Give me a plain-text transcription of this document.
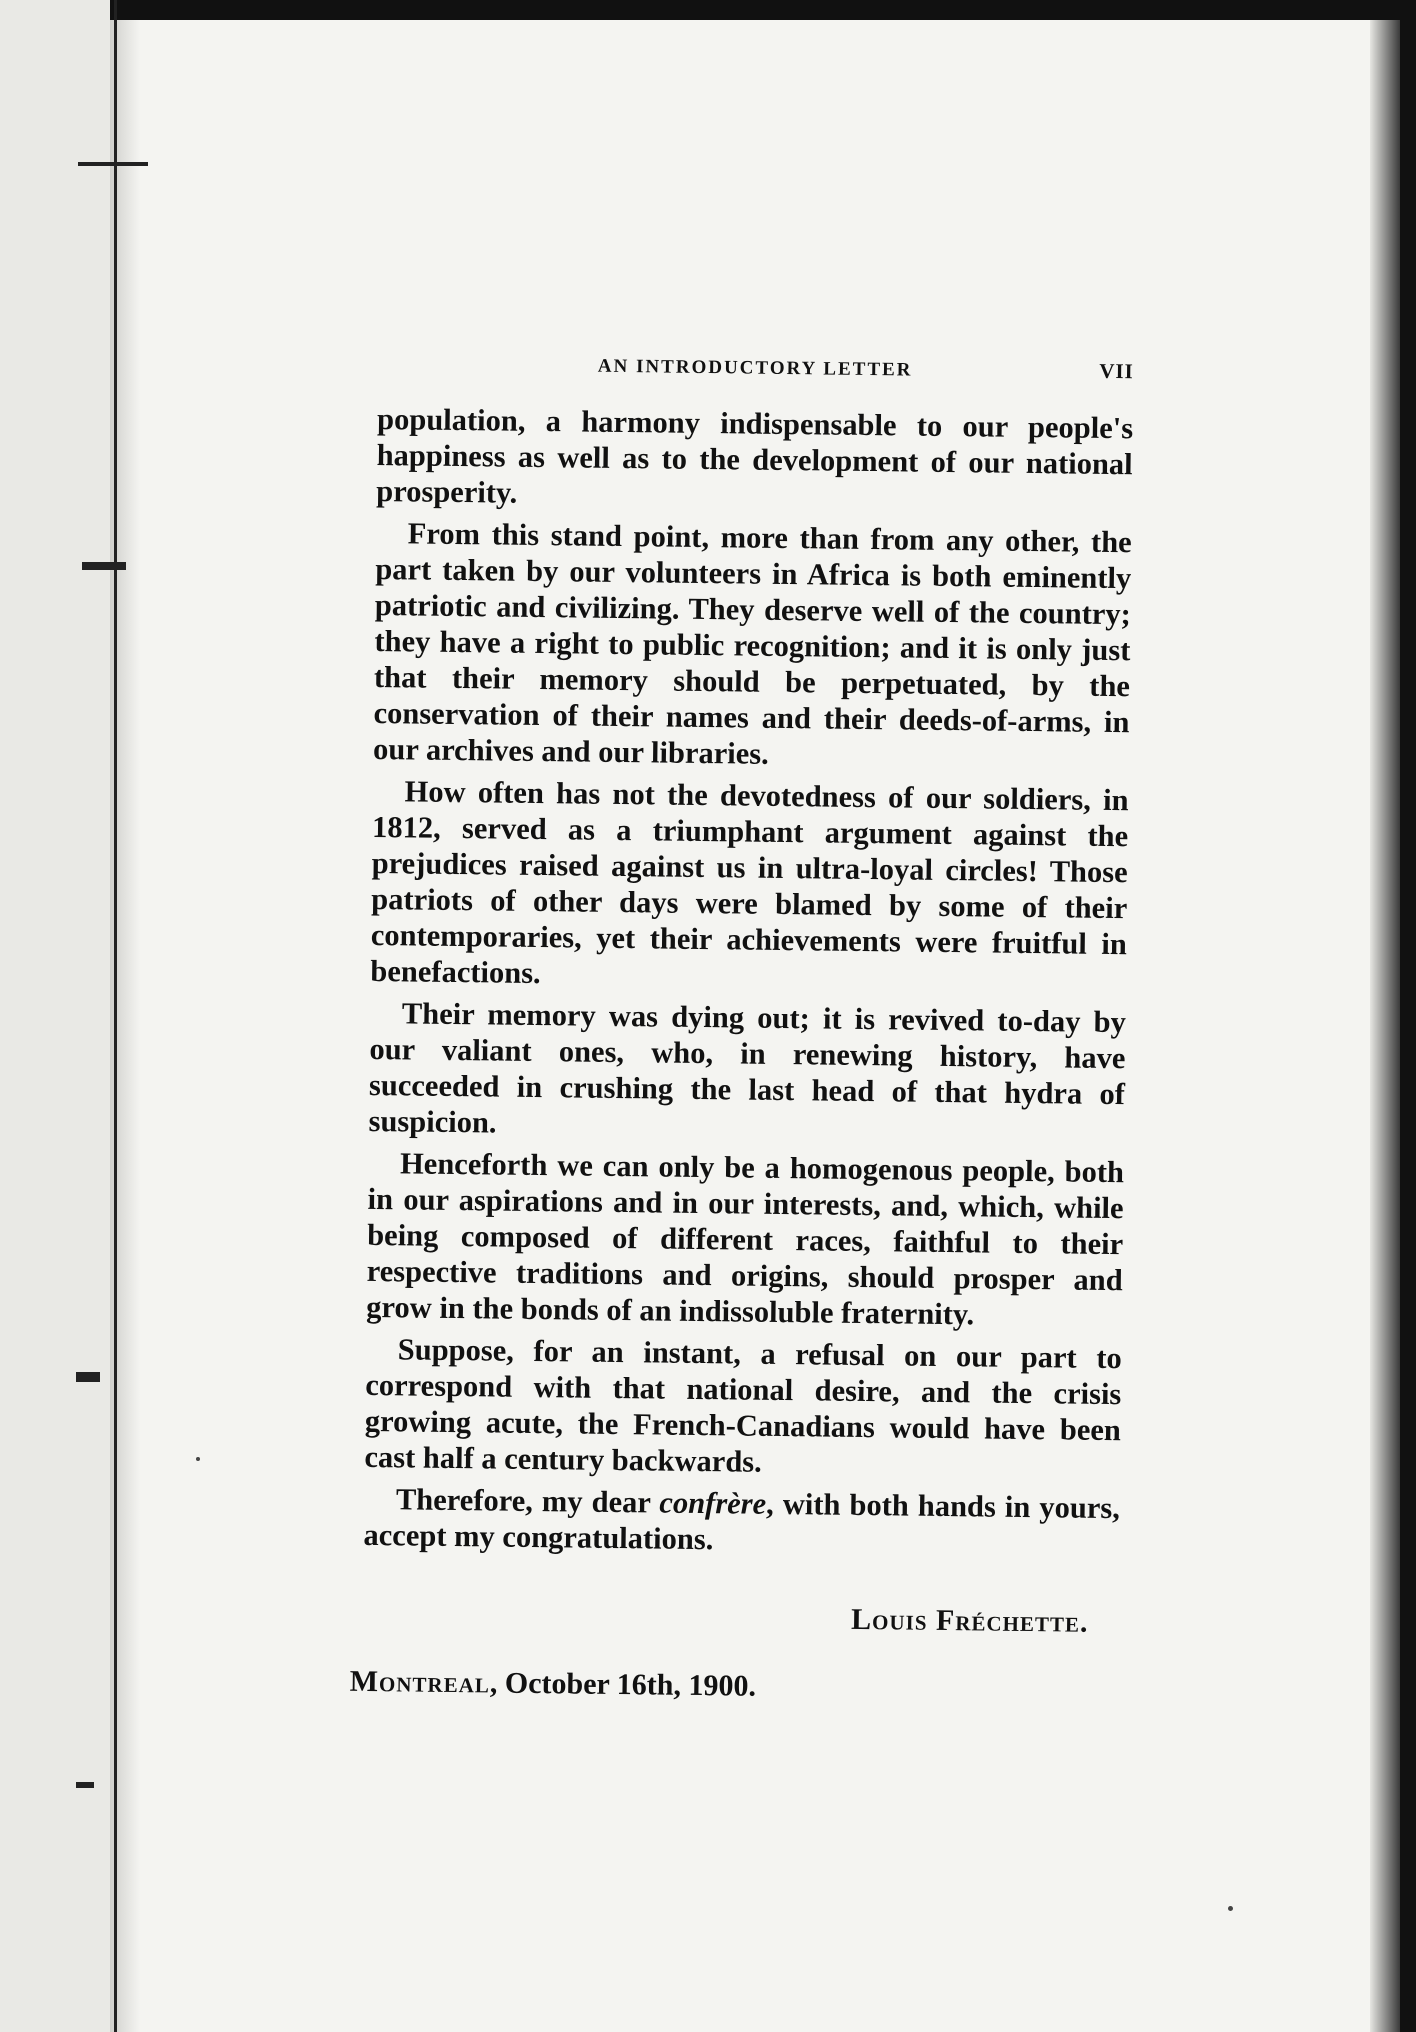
AN INTRODUCTORY LETTER	VII

population, a harmony indispensable to our people's happiness as well as to the development of our national prosperity.

From this stand point, more than from any other, the part taken by our volunteers in Africa is both eminently patriotic and civilizing. They deserve well of the country; they have a right to public recognition; and it is only just that their memory should be perpetuated, by the conservation of their names and their deeds-of-arms, in our archives and our libraries.

How often has not the devotedness of our soldiers, in 1812, served as a triumphant argument against the prejudices raised against us in ultra-loyal circles! Those patriots of other days were blamed by some of their contemporaries, yet their achievements were fruitful in benefactions.

Their memory was dying out; it is revived to-day by our valiant ones, who, in renewing history, have succeeded in crushing the last head of that hydra of suspicion.

Henceforth we can only be a homogenous people, both in our aspirations and in our interests, and, which, while being composed of different races, faithful to their respective traditions and origins, should prosper and grow in the bonds of an indissoluble fraternity.

Suppose, for an instant, a refusal on our part to correspond with that national desire, and the crisis growing acute, the French-Canadians would have been cast half a century backwards.

Therefore, my dear confrère, with both hands in yours, accept my congratulations.

Louis Fréchette.
Montreal, October 16th, 1900.
